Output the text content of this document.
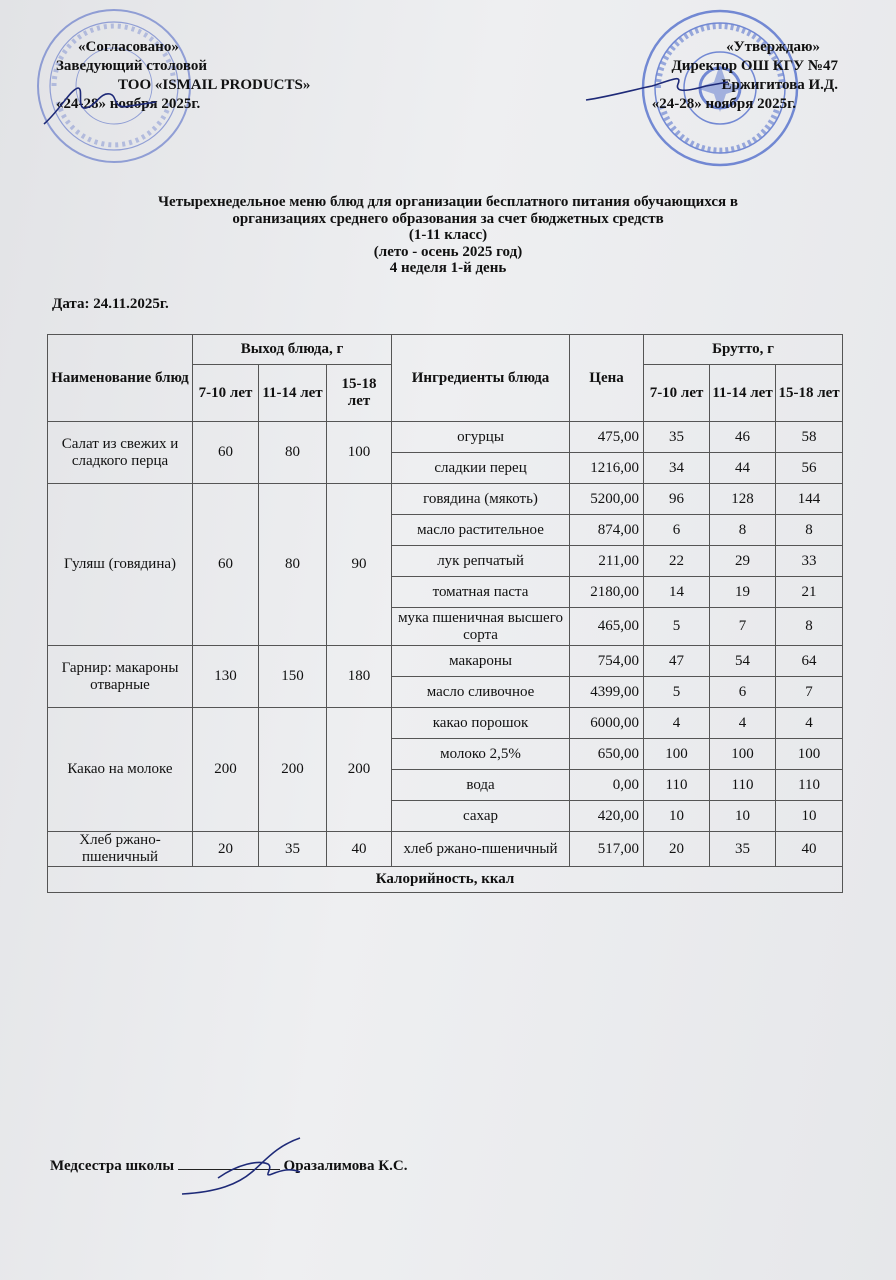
«Согласовано»
Заведующий столовой
ТОО «ISMAIL PRODUCTS»
«24-28» ноября 2025г.
«Утверждаю»
Директор ОШ КГУ №47
Ержигитова И.Д.
«24-28» ноября 2025г.
Четырехнедельное меню блюд для организации бесплатного питания обучающихся в
организациях среднего образования за счет бюджетных средств
(1-11 класс)
(лето - осень 2025 год)
4 неделя 1-й день
Дата: 24.11.2025г.
Наименование блюд	Выход блюда, г			Ингредиенты блюда	Цена	Брутто, г		
	7-10 лет	11-14 лет	15-18 лет			7-10 лет	11-14 лет	15-18 лет
Салат из свежих и сладкого перца	60	80	100	огурцы	475,00	35	46	58
				сладкии перец	1216,00	34	44	56
Гуляш (говядина)	60	80	90	говядина (мякоть)	5200,00	96	128	144
				масло растительное	874,00	6	8	8
				лук репчатый	211,00	22	29	33
				томатная паста	2180,00	14	19	21
				мука пшеничная высшего сорта	465,00	5	7	8
Гарнир: макароны отварные	130	150	180	макароны	754,00	47	54	64
				масло сливочное	4399,00	5	6	7
Какао на молоке	200	200	200	какао порошок	6000,00	4	4	4
				молоко 2,5%	650,00	100	100	100
				вода	0,00	110	110	110
				сахар	420,00	10	10	10
Хлеб ржано-пшеничный	20	35	40	хлеб ржано-пшеничный	517,00	20	35	40
Калорийность, ккал								
Медсестра школы	Оразалимова К.С.
